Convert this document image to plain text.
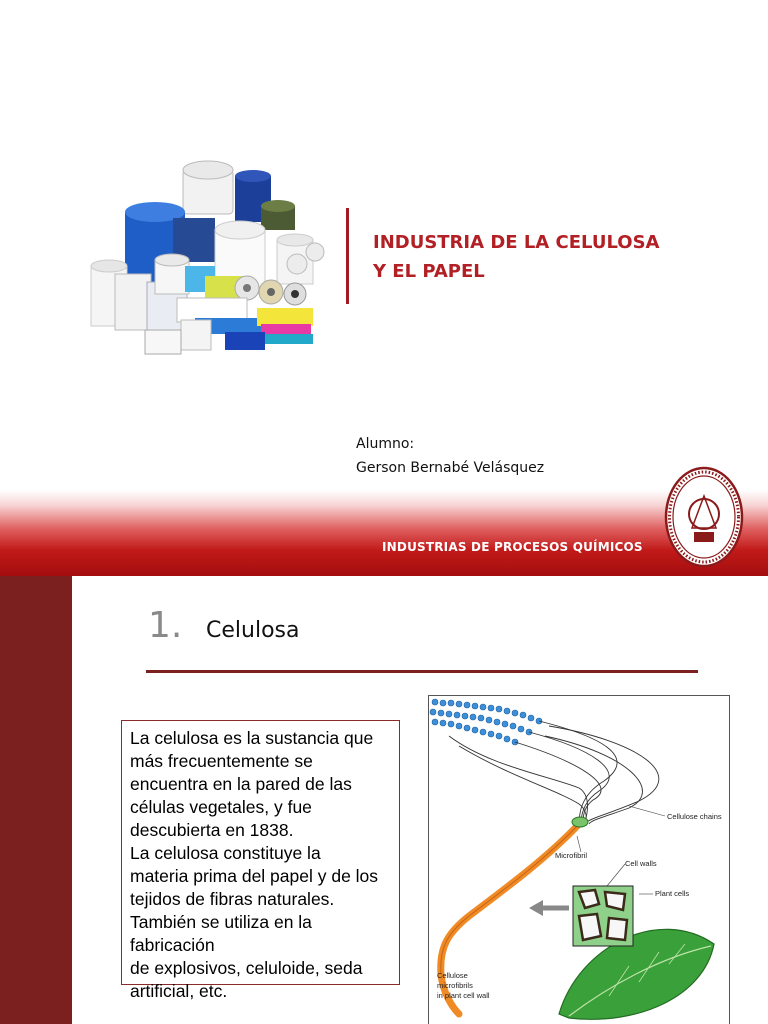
INDUSTRIA DE LA CELULOSA
Y EL PAPEL
Alumno:
Gerson Bernabé Velásquez
INDUSTRIAS DE PROCESOS QUÍMICOS
1. Celulosa
La celulosa es la sustancia que
más frecuentemente se
encuentra en la pared de las
células vegetales, y fue
descubierta en 1838.
La celulosa constituye la
materia prima del papel y de los
tejidos de fibras naturales.
También se utiliza en la
fabricación
de explosivos, celuloide, seda
artificial, etc.
Cellulose chains
Microfibril
Cell walls
Plant cells
Cellulose
microfibrils
in plant cell wall
